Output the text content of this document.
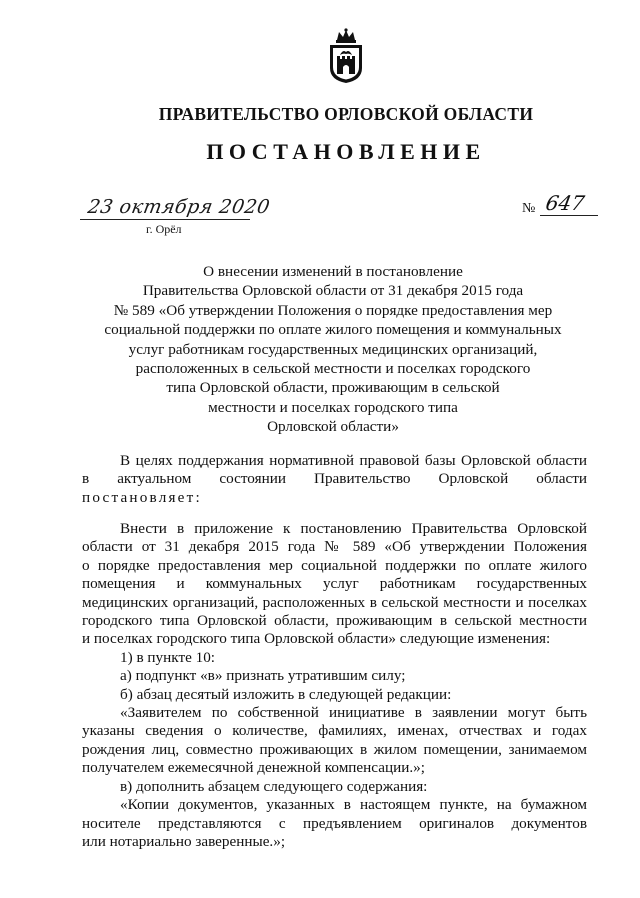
ПРАВИТЕЛЬСТВО ОРЛОВСКОЙ ОБЛАСТИ
ПОСТАНОВЛЕНИЕ
23 октября 2020
г. Орёл
№ 647
О внесении изменений в постановление
Правительства Орловской области от 31 декабря 2015 года
№ 589 «Об утверждении Положения о порядке предоставления мер
социальной поддержки по оплате жилого помещения и коммунальных
услуг работникам государственных медицинских организаций,
расположенных в сельской местности и поселках городского
типа Орловской области, проживающим в сельской
местности и поселках городского типа
Орловской области»
В целях поддержания нормативной правовой базы Орловской области
в актуальном состоянии Правительство Орловской области
постановляет:
Внести в приложение к постановлению Правительства Орловской
области от 31 декабря 2015 года № 589 «Об утверждении Положения
о порядке предоставления мер социальной поддержки по оплате жилого
помещения и коммунальных услуг работникам государственных
медицинских организаций, расположенных в сельской местности и поселках
городского типа Орловской области, проживающим в сельской местности
и поселках городского типа Орловской области» следующие изменения:
1) в пункте 10:
а) подпункт «в» признать утратившим силу;
б) абзац десятый изложить в следующей редакции:
«Заявителем по собственной инициативе в заявлении могут быть
указаны сведения о количестве, фамилиях, именах, отчествах и годах
рождения лиц, совместно проживающих в жилом помещении, занимаемом
получателем ежемесячной денежной компенсации.»;
в) дополнить абзацем следующего содержания:
«Копии документов, указанных в настоящем пункте, на бумажном
носителе представляются с предъявлением оригиналов документов
или нотариально заверенные.»;
